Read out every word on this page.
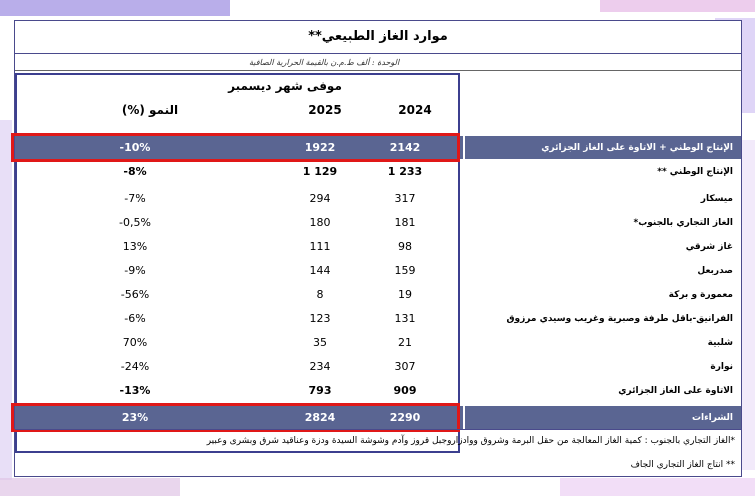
موارد الغاز الطبيعي**
الوحدة : ألف ط.م.ن بالقيمة الحرارية الصافية
موفى شهر ديسمبر
2024
2025
النمو (%)
الإنتاج الوطني + الاتاوة على الغاز الجزائري
2142
1922
-10%
الإنتاج الوطني **
1 233
1 129
-8%
ميسكار
317
294
-7%
الغاز التجاري بالجنوب*
181
180
-0,5%
غاز شرقي
98
111
13%
صدربعل
159
144
-9%
معمورة و بركة
19
8
-56%
الفرانيق-باقل طرفة وصبرية وغريب وسيدي مرزوق
131
123
-6%
شلبية
21
35
70%
نوارة
307
234
-24%
الاتاوة على الغاز الجزائري
909
793
-13%
الشراءات
2290
2824
23%
*الغاز التجاري بالجنوب : كمية الغاز المعالجة من حقل البرمة وشروق ووادزاروجبل قروز وآدم وشوشة السيدة ودزة وعناقيد شرق وبشرى وعبير
** انتاج الغاز التجاري الجاف
